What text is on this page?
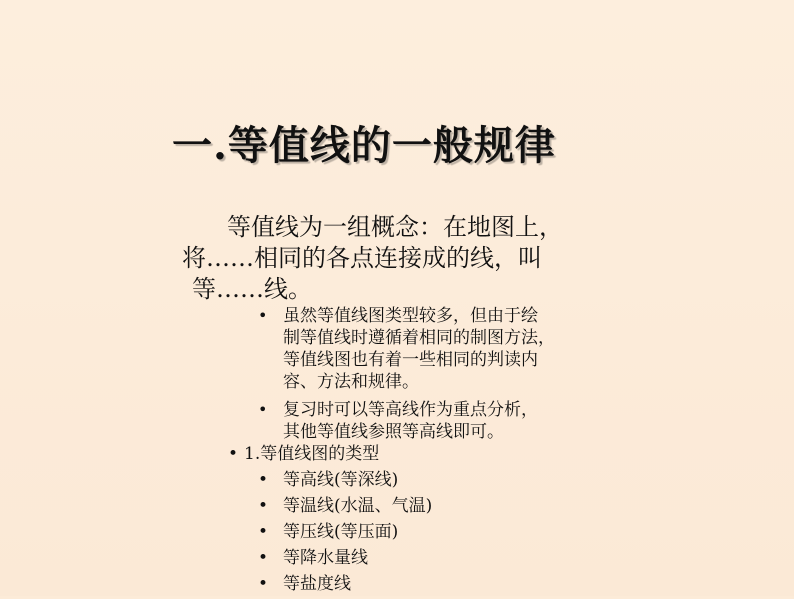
一.等值线的一般规律
等值线为一组概念：在地图上，
将……相同的各点连接成的线，叫
等……线。
• 虽然等值线图类型较多，但由于绘
制等值线时遵循着相同的制图方法，
等值线图也有着一些相同的判读内
容、方法和规律。
• 复习时可以等高线作为重点分析，
其他等值线参照等高线即可。
• 1.等值线图的类型
• 等高线(等深线)
• 等温线(水温、气温)
• 等压线(等压面)
• 等降水量线
• 等盐度线
